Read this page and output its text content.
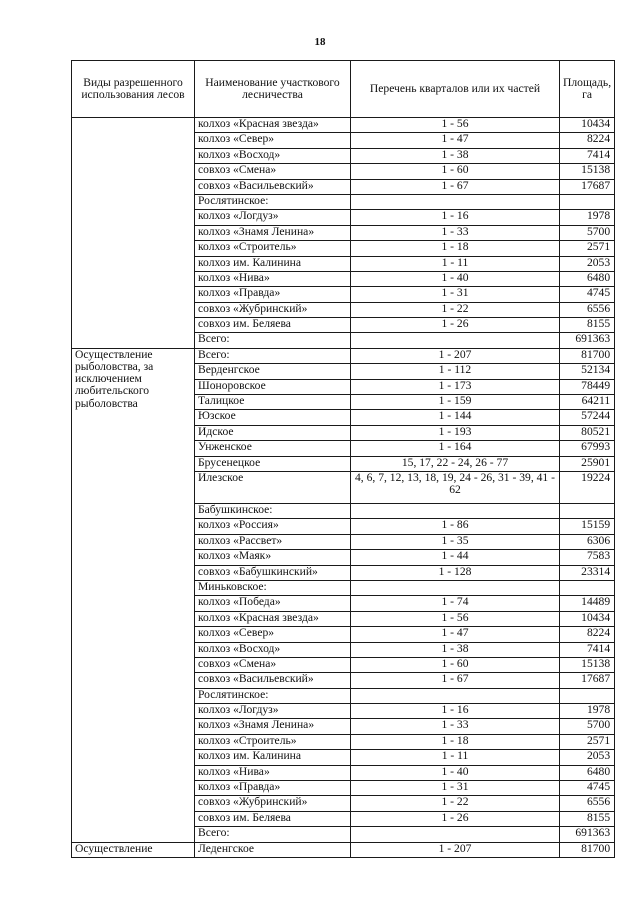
18
Виды разрешенного использования лесов	Наименование участкового лесничества	Перечень кварталов или их частей	Площадь, га
	колхоз «Красная звезда»	1 - 56	10434
	колхоз «Север»	1 - 47	8224
	колхоз «Восход»	1 - 38	7414
	совхоз «Смена»	1 - 60	15138
	совхоз «Васильевский»	1 - 67	17687
	Рослятинское:		
	колхоз «Логдуз»	1 - 16	1978
	колхоз «Знамя Ленина»	1 - 33	5700
	колхоз «Строитель»	1 - 18	2571
	колхоз им. Калинина	1 - 11	2053
	колхоз «Нива»	1 - 40	6480
	колхоз «Правда»	1 - 31	4745
	совхоз «Жубринский»	1 - 22	6556
	совхоз им. Беляева	1 - 26	8155
	Всего:		691363
Осуществление рыболовства, за исключением любительского рыболовства	Всего:	1 - 207	81700
	Верденгское	1 - 112	52134
	Шоноровское	1 - 173	78449
	Талицкое	1 - 159	64211
	Юзское	1 - 144	57244
	Идское	1 - 193	80521
	Унженское	1 - 164	67993
	Брусенецкое	15, 17, 22 - 24, 26 - 77	25901
	Илезское	4, 6, 7, 12, 13, 18, 19, 24 - 26, 31 - 39, 41 - 62	19224
	Бабушкинское:		
	колхоз «Россия»	1 - 86	15159
	колхоз «Рассвет»	1 - 35	6306
	колхоз «Маяк»	1 - 44	7583
	совхоз «Бабушкинский»	1 - 128	23314
	Миньковское:		
	колхоз «Победа»	1 - 74	14489
	колхоз «Красная звезда»	1 - 56	10434
	колхоз «Север»	1 - 47	8224
	колхоз «Восход»	1 - 38	7414
	совхоз «Смена»	1 - 60	15138
	совхоз «Васильевский»	1 - 67	17687
	Рослятинское:		
	колхоз «Логдуз»	1 - 16	1978
	колхоз «Знамя Ленина»	1 - 33	5700
	колхоз «Строитель»	1 - 18	2571
	колхоз им. Калинина	1 - 11	2053
	колхоз «Нива»	1 - 40	6480
	колхоз «Правда»	1 - 31	4745
	совхоз «Жубринский»	1 - 22	6556
	совхоз им. Беляева	1 - 26	8155
	Всего:		691363
Осуществление	Леденгское	1 - 207	81700
